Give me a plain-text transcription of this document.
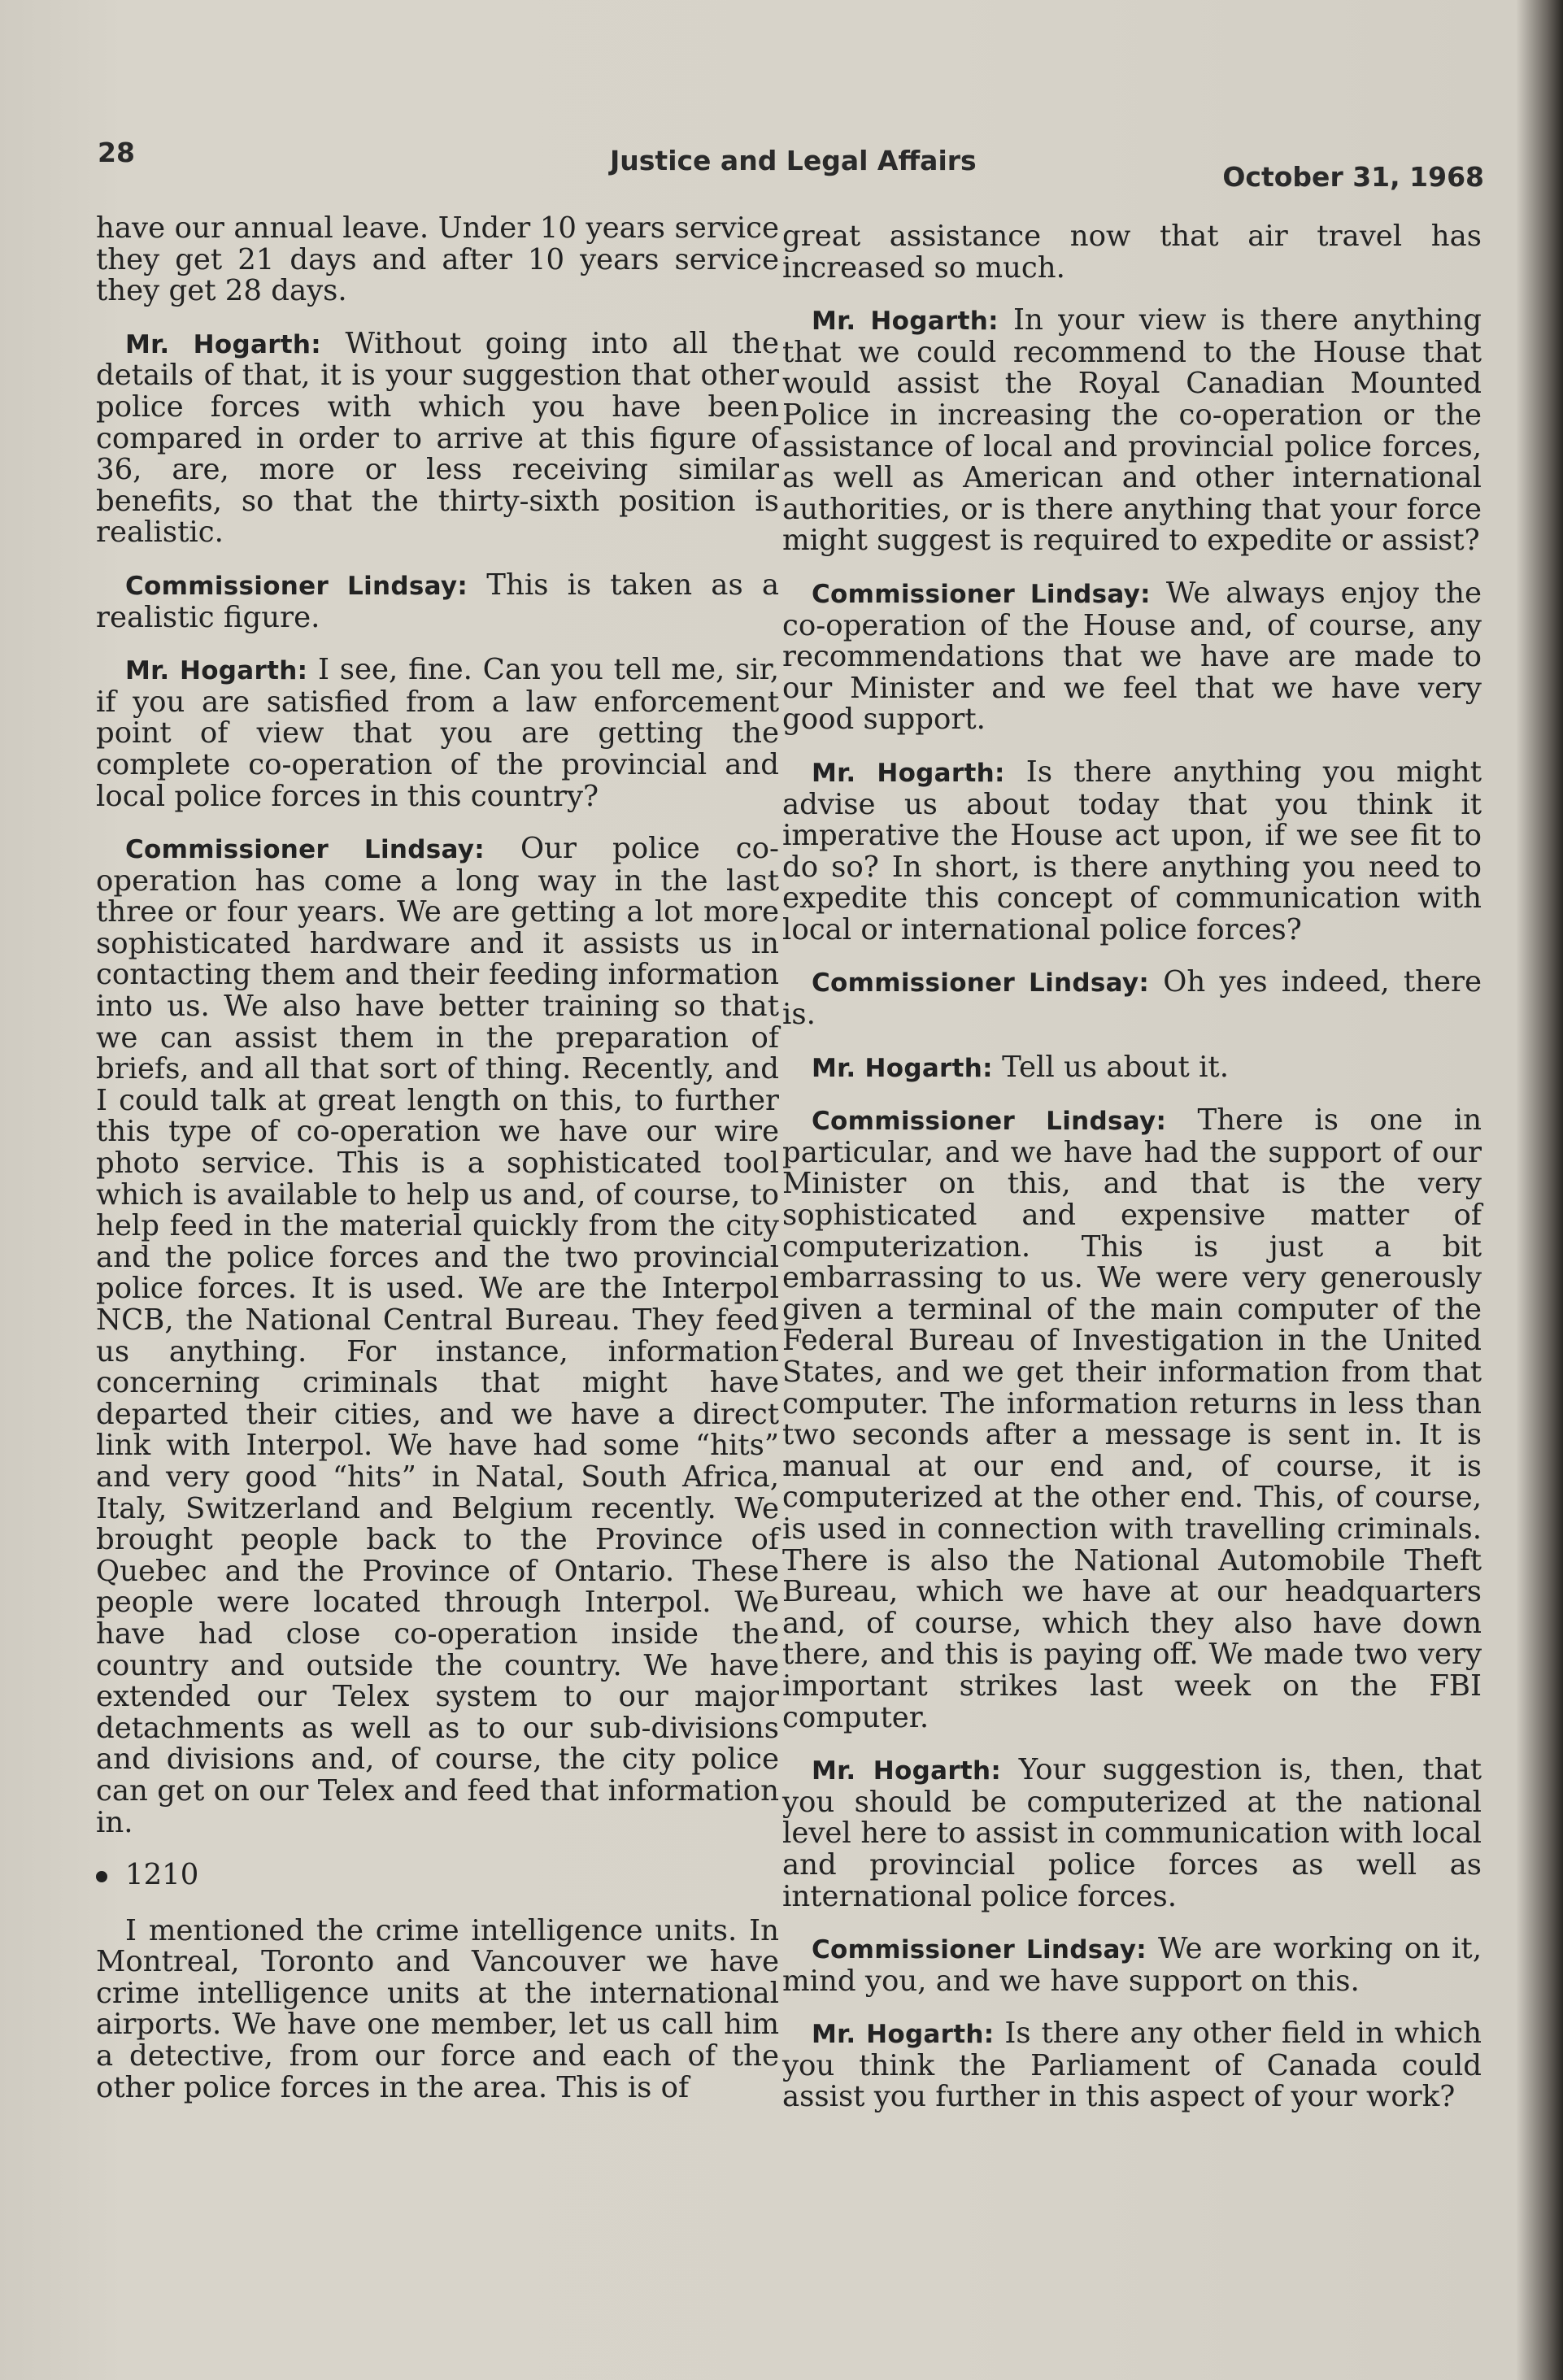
28	Justice and Legal Affairs
October 31, 1968

have our annual leave. Under 10 years service they get 21 days and after 10 years service they get 28 days.

Mr. Hogarth: Without going into all the details of that, it is your suggestion that other police forces with which you have been compared in order to arrive at this figure of 36, are, more or less receiving similar benefits, so that the thirty-sixth position is realistic.

Commissioner Lindsay: This is taken as a realistic figure.

Mr. Hogarth: I see, fine. Can you tell me, sir, if you are satisfied from a law enforcement point of view that you are getting the complete co-operation of the provincial and local police forces in this country?

Commissioner Lindsay: Our police co-operation has come a long way in the last three or four years. We are getting a lot more sophisticated hardware and it assists us in contacting them and their feeding information into us. We also have better training so that we can assist them in the preparation of briefs, and all that sort of thing. Recently, and I could talk at great length on this, to further this type of co-operation we have our wire photo service. This is a sophisticated tool which is available to help us and, of course, to help feed in the material quickly from the city and the police forces and the two provincial police forces. It is used. We are the Interpol NCB, the National Central Bureau. They feed us anything. For instance, information concerning criminals that might have departed their cities, and we have a direct link with Interpol. We have had some “hits” and very good “hits” in Natal, South Africa, Italy, Switzerland and Belgium recently. We brought people back to the Province of Quebec and the Province of Ontario. These people were located through Interpol. We have had close co-operation inside the country and outside the country. We have extended our Telex system to our major detachments as well as to our sub-divisions and divisions and, of course, the city police can get on our Telex and feed that information in.

1210

I mentioned the crime intelligence units. In Montreal, Toronto and Vancouver we have crime intelligence units at the international airports. We have one member, let us call him a detective, from our force and each of the other police forces in the area. This is of

great assistance now that air travel has increased so much.

Mr. Hogarth: In your view is there anything that we could recommend to the House that would assist the Royal Canadian Mounted Police in increasing the co-operation or the assistance of local and provincial police forces, as well as American and other international authorities, or is there anything that your force might suggest is required to expedite or assist?

Commissioner Lindsay: We always enjoy the co-operation of the House and, of course, any recommendations that we have are made to our Minister and we feel that we have very good support.

Mr. Hogarth: Is there anything you might advise us about today that you think it imperative the House act upon, if we see fit to do so? In short, is there anything you need to expedite this concept of communication with local or international police forces?

Commissioner Lindsay: Oh yes indeed, there is.

Mr. Hogarth: Tell us about it.

Commissioner Lindsay: There is one in particular, and we have had the support of our Minister on this, and that is the very sophisticated and expensive matter of computerization. This is just a bit embarrassing to us. We were very generously given a terminal of the main computer of the Federal Bureau of Investigation in the United States, and we get their information from that computer. The information returns in less than two seconds after a message is sent in. It is manual at our end and, of course, it is computerized at the other end. This, of course, is used in connection with travelling criminals. There is also the National Automobile Theft Bureau, which we have at our headquarters and, of course, which they also have down there, and this is paying off. We made two very important strikes last week on the FBI computer.

Mr. Hogarth: Your suggestion is, then, that you should be computerized at the national level here to assist in communication with local and provincial police forces as well as international police forces.

Commissioner Lindsay: We are working on it, mind you, and we have support on this.

Mr. Hogarth: Is there any other field in which you think the Parliament of Canada could assist you further in this aspect of your work?
